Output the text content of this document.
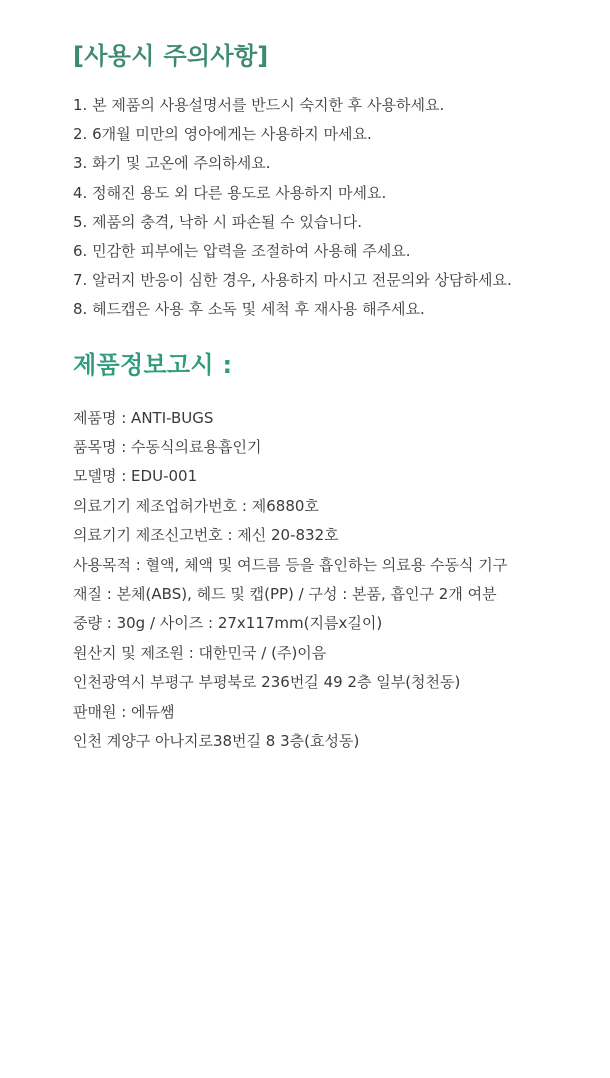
[사용시 주의사항]
1. 본 제품의 사용설명서를 반드시 숙지한 후 사용하세요.
2. 6개월 미만의 영아에게는 사용하지 마세요.
3. 화기 및 고온에 주의하세요.
4. 정해진 용도 외 다른 용도로 사용하지 마세요.
5. 제품의 충격, 낙하 시 파손될 수 있습니다.
6. 민감한 피부에는 압력을 조절하여 사용해 주세요.
7. 알러지 반응이 심한 경우, 사용하지 마시고 전문의와 상담하세요.
8. 헤드캡은 사용 후 소독 및 세척 후 재사용 해주세요.
제품정보고시 :
제품명 : ANTI-BUGS
품목명 : 수동식의료용흡인기
모델명 : EDU-001
의료기기 제조업허가번호 : 제6880호
의료기기 제조신고번호 : 제신 20-832호
사용목적 : 혈액, 체액 및 여드름 등을 흡인하는 의료용 수동식 기구
재질 : 본체(ABS), 헤드 및 캡(PP) / 구성 : 본품, 흡인구 2개 여분
중량 : 30g / 사이즈 : 27x117mm(지름x길이)
원산지 및 제조원 : 대한민국 / (주)이음
인천광역시 부평구 부평북로 236번길 49 2층 일부(청천동)
판매원 : 에듀쌤
인천 계양구 아나지로38번길 8 3층(효성동)
